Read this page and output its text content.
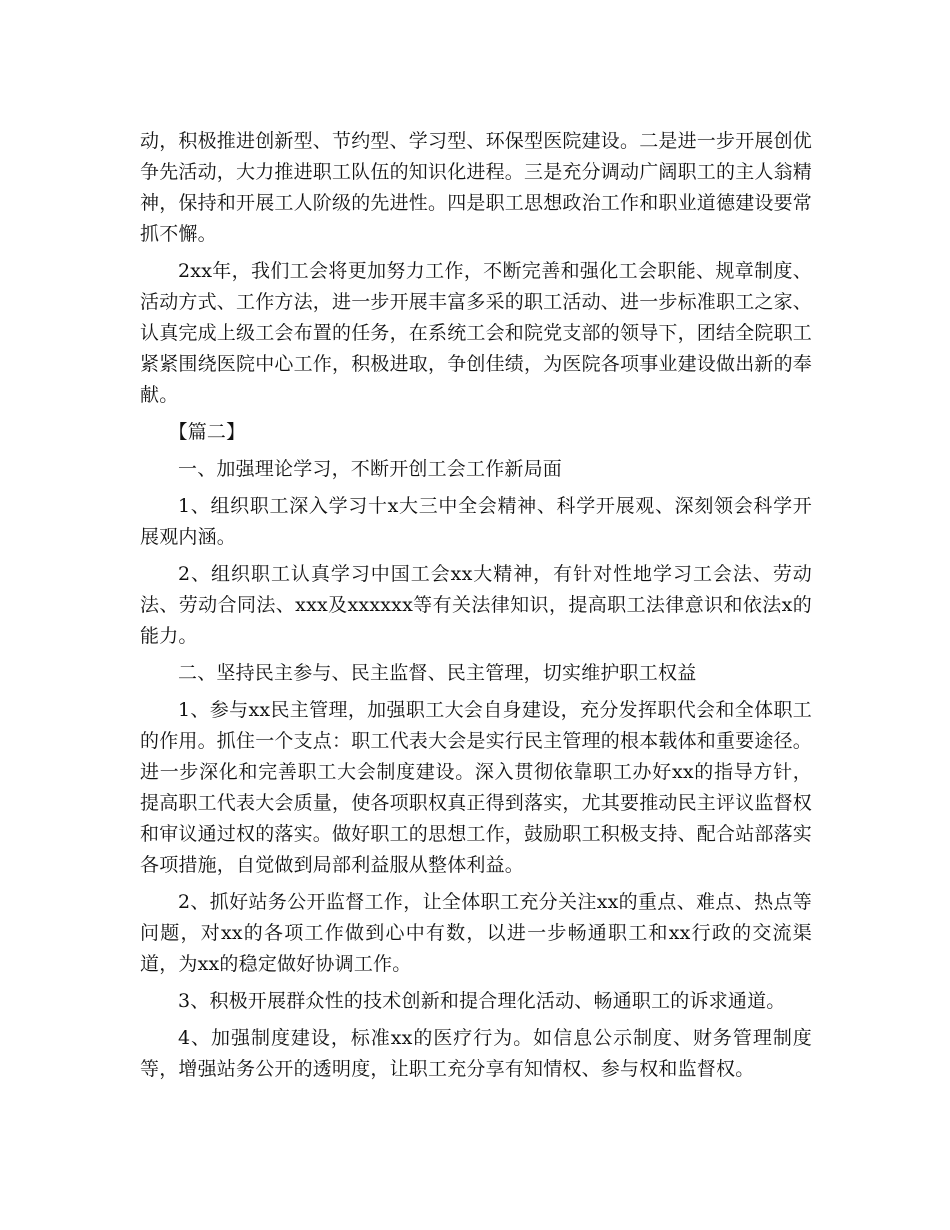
动，积极推进创新型、节约型、学习型、环保型医院建设。二是进一步开展创优争先活动，大力推进职工队伍的知识化进程。三是充分调动广阔职工的主人翁精神，保持和开展工人阶级的先进性。四是职工思想政治工作和职业道德建设要常抓不懈。

2xx年，我们工会将更加努力工作，不断完善和强化工会职能、规章制度、活动方式、工作方法，进一步开展丰富多采的职工活动、进一步标准职工之家、认真完成上级工会布置的任务，在系统工会和院党支部的领导下，团结全院职工紧紧围绕医院中心工作，积极进取，争创佳绩，为医院各项事业建设做出新的奉献。

【篇二】

一、加强理论学习，不断开创工会工作新局面

1、组织职工深入学习十x大三中全会精神、科学开展观、深刻领会科学开展观内涵。

2、组织职工认真学习中国工会xx大精神，有针对性地学习工会法、劳动法、劳动合同法、xxx及xxxxxx等有关法律知识，提高职工法律意识和依法x的能力。

二、坚持民主参与、民主监督、民主管理，切实维护职工权益

1、参与xx民主管理，加强职工大会自身建设，充分发挥职代会和全体职工的作用。抓住一个支点：职工代表大会是实行民主管理的根本载体和重要途径。进一步深化和完善职工大会制度建设。深入贯彻依靠职工办好xx的指导方针，提高职工代表大会质量，使各项职权真正得到落实，尤其要推动民主评议监督权和审议通过权的落实。做好职工的思想工作，鼓励职工积极支持、配合站部落实各项措施，自觉做到局部利益服从整体利益。

2、抓好站务公开监督工作，让全体职工充分关注xx的重点、难点、热点等问题，对xx的各项工作做到心中有数，以进一步畅通职工和xx行政的交流渠道，为xx的稳定做好协调工作。

3、积极开展群众性的技术创新和提合理化活动、畅通职工的诉求通道。

4、加强制度建设，标准xx的医疗行为。如信息公示制度、财务管理制度等，增强站务公开的透明度，让职工充分享有知情权、参与权和监督权。
